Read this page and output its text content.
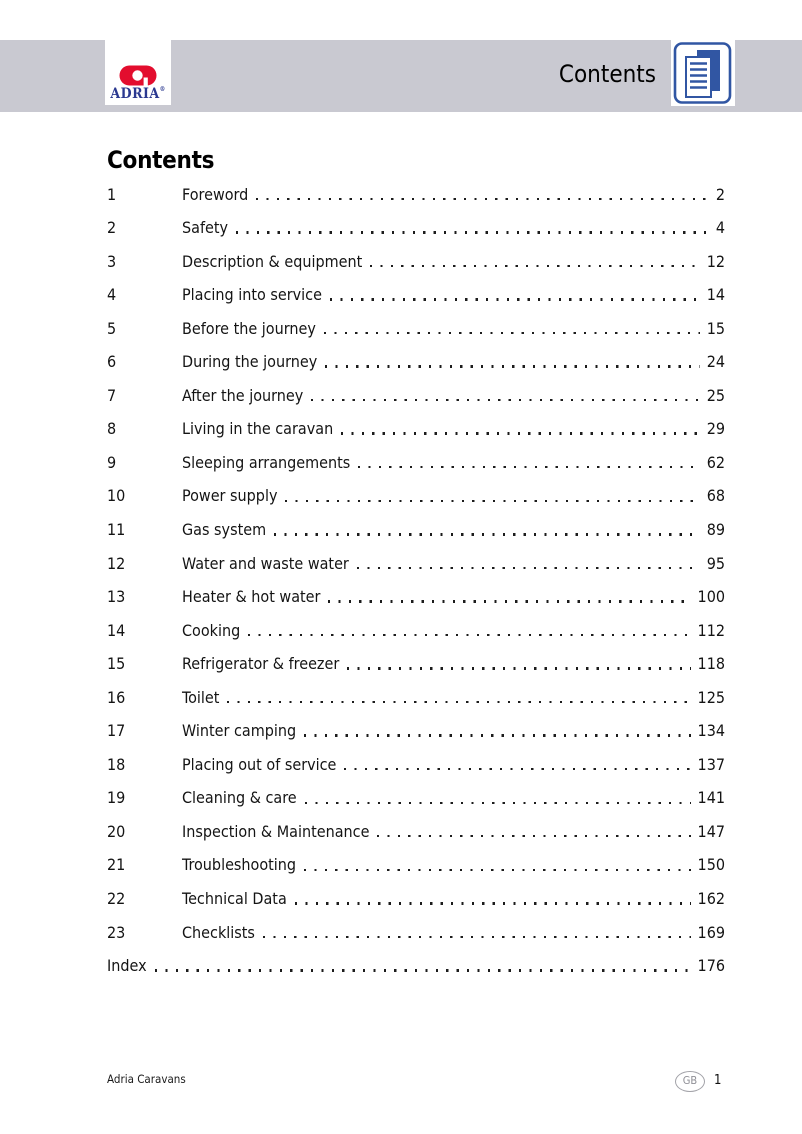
ADRIA®
Contents
Contents
1	Foreword	2
2	Safety	4
3	Description & equipment	12
4	Placing into service	14
5	Before the journey	15
6	During the journey	24
7	After the journey	25
8	Living in the caravan	29
9	Sleeping arrangements	62
10	Power supply	68
11	Gas system	89
12	Water and waste water	95
13	Heater & hot water	100
14	Cooking	112
15	Refrigerator & freezer	118
16	Toilet	125
17	Winter camping	134
18	Placing out of service	137
19	Cleaning & care	141
20	Inspection & Maintenance	147
21	Troubleshooting	150
22	Technical Data	162
23	Checklists	169
Index	176
Adria Caravans	GB	1
